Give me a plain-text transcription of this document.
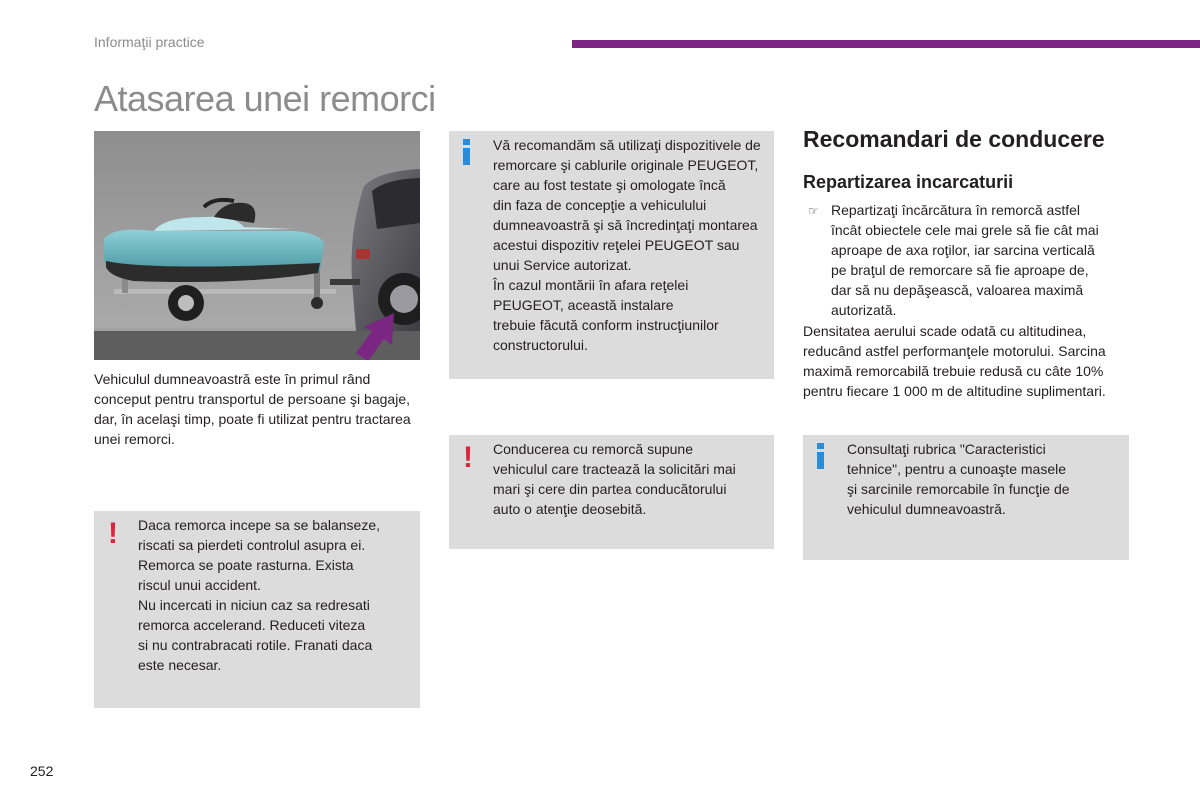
Informaţii practice
Atasarea unei remorci
Vehiculul dumneavoastră este în primul rând conceput pentru transportul de persoane şi bagaje, dar, în acelaşi timp, poate fi utilizat pentru tractarea unei remorci.
! Daca remorca incepe sa se balanseze,
riscati sa pierdeti controlul asupra ei.
Remorca se poate rasturna. Exista
riscul unui accident.
Nu incercati in niciun caz sa redresati
remorca accelerand. Reduceti viteza
si nu contrabracati rotile. Franati daca
este necesar.
Vă recomandăm să utilizaţi dispozitivele de
remorcare şi cablurile originale PEUGEOT,
care au fost testate şi omologate încă
din faza de concepţie a vehiculului
dumneavoastră şi să încredinţaţi montarea
acestui dispozitiv reţelei PEUGEOT sau
unui Service autorizat.
În cazul montării în afara reţelei
PEUGEOT, această instalare
trebuie făcută conform instrucţiunilor
constructorului.
! Conducerea cu remorcă supune
vehiculul care tractează la solicitări mai
mari şi cere din partea conducătorului
auto o atenţie deosebită.
Recomandari de conducere
Repartizarea incarcaturii
☞ Repartizaţi încărcătura în remorcă astfel
încât obiectele cele mai grele să fie cât mai
aproape de axa roţilor, iar sarcina verticală
pe braţul de remorcare să fie aproape de,
dar să nu depăşească, valoarea maximă
autorizată.
Densitatea aerului scade odată cu altitudinea,
reducând astfel performanţele motorului. Sarcina
maximă remorcabilă trebuie redusă cu câte 10%
pentru fiecare 1 000 m de altitudine suplimentari.
Consultaţi rubrica "Caracteristici
tehnice", pentru a cunoaşte masele
şi sarcinile remorcabile în funcţie de
vehiculul dumneavoastră.
252
